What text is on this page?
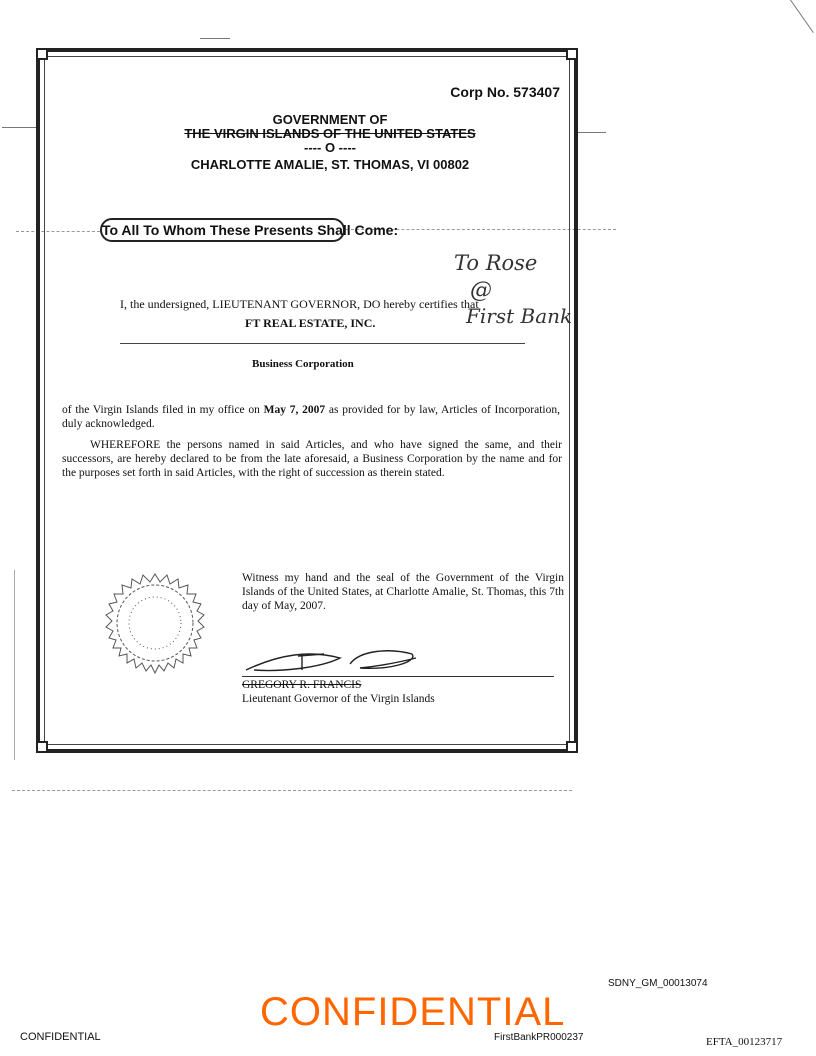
Corp No. 573407
GOVERNMENT OF
THE VIRGIN ISLANDS OF THE UNITED STATES
---- O ----
CHARLOTTE AMALIE, ST. THOMAS, VI 00802
To All To Whom These Presents Shall Come:
To Rose
@
First Bank
I, the undersigned, LIEUTENANT GOVERNOR, DO hereby certifies that
FT REAL ESTATE, INC.
Business Corporation
of the Virgin Islands filed in my office on May 7, 2007 as provided for by law, Articles of Incorporation, duly acknowledged.
WHEREFORE the persons named in said Articles, and who have signed the same, and their successors, are hereby declared to be from the late aforesaid, a Business Corporation by the name and for the purposes set forth in said Articles, with the right of succession as therein stated.
Witness my hand and the seal of the Government of the Virgin Islands of the United States, at Charlotte Amalie, St. Thomas, this 7th day of May, 2007.
GREGORY R. FRANCIS
Lieutenant Governor of the Virgin Islands
CONFIDENTIAL
CONFIDENTIAL
SDNY_GM_00013074
FirstBankPR000237	EFTA_00123717
